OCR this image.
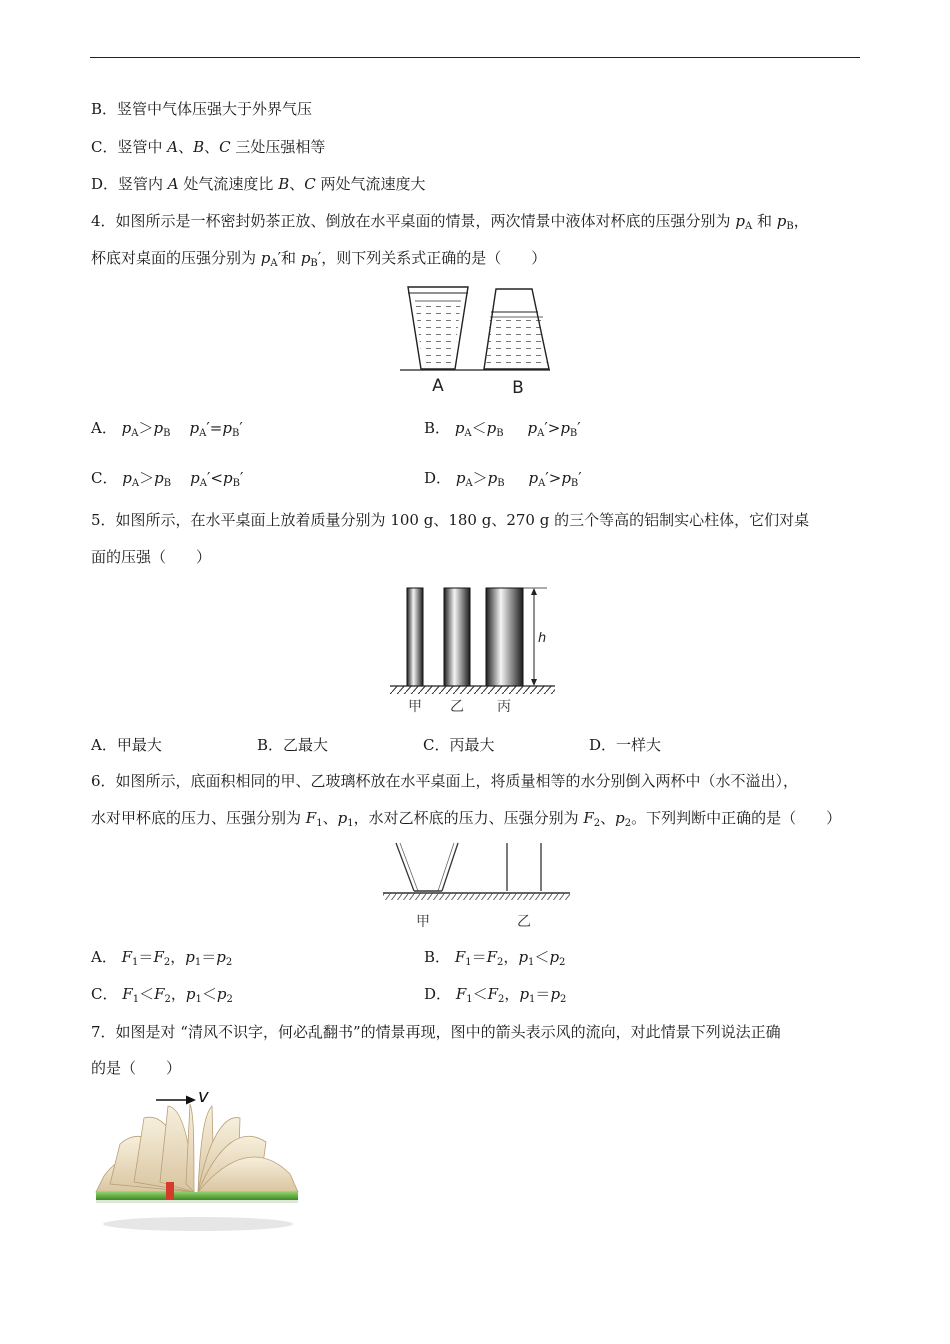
B．竖管中气体压强大于外界气压
C．竖管中 A、B、C 三处压强相等
D．竖管内 A 处气流速度比 B、C 两处气流速度大
4．如图所示是一杯密封奶茶正放、倒放在水平桌面的情景，两次情景中液体对杯底的压强分别为 $p_A$ 和 $p_B$，
杯底对桌面的压强分别为 $p_A'$和 $p_B'$，则下列关系式正确的是（　　）
A	B
A． $p_A>p_B$ $p_A'=p_B'$	B． $p_A<p_B$ $p_A'>p_B'$
C． $p_A>p_B$ $p_A'<p_B'$	D． $p_A>p_B$ $p_A'>p_B'$
5．如图所示，在水平桌面上放着质量分别为 100 g、180 g、270 g 的三个等高的铝制实心柱体，它们对桌
面的压强（　　）
h
甲 乙 丙
A．甲最大	B．乙最大	C．丙最大	D．一样大
6．如图所示，底面积相同的甲、乙玻璃杯放在水平桌面上，将质量相等的水分别倒入两杯中（水不溢出），
水对甲杯底的压力、压强分别为 $F_1$、$p_1$，水对乙杯底的压力、压强分别为 $F_2$、$p_2$。下列判断中正确的是（　　）
甲	乙
A． $F_1=F_2$，$p_1=p_2$	B． $F_1=F_2$，$p_1<p_2$
C． $F_1<F_2$，$p_1<p_2$	D． $F_1<F_2$，$p_1=p_2$
7．如图是对 “清风不识字，何必乱翻书”的情景再现，图中的箭头表示风的流向，对此情景下列说法正确
的是（　　）
v
